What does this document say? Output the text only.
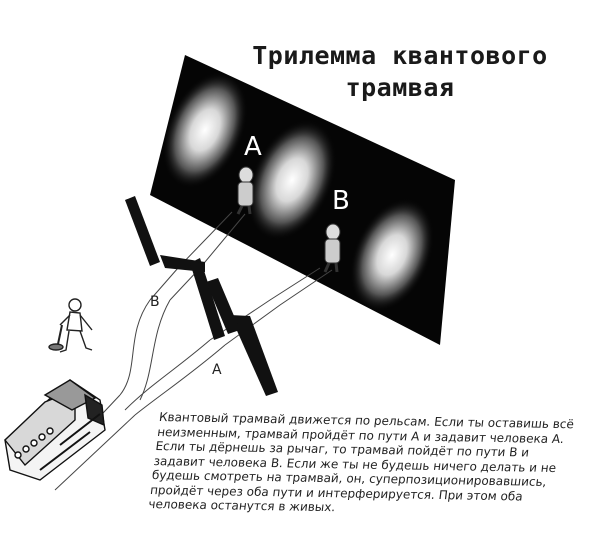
Трилемма квантового
трамвая
A
B
B
A
Квантовый трамвай движется по рельсам. Если ты оставишь всё неизменным, трамвай пройдёт по пути А и задавит человека А. Если ты дёрнешь за рычаг, то трамвай пойдёт по пути В и задавит человека В. Если же ты не будешь ничего делать и не будешь смотреть на трамвай, он, суперпозиционировавшись, пройдёт через оба пути и интерферируется. При этом оба человека останутся в живых.
